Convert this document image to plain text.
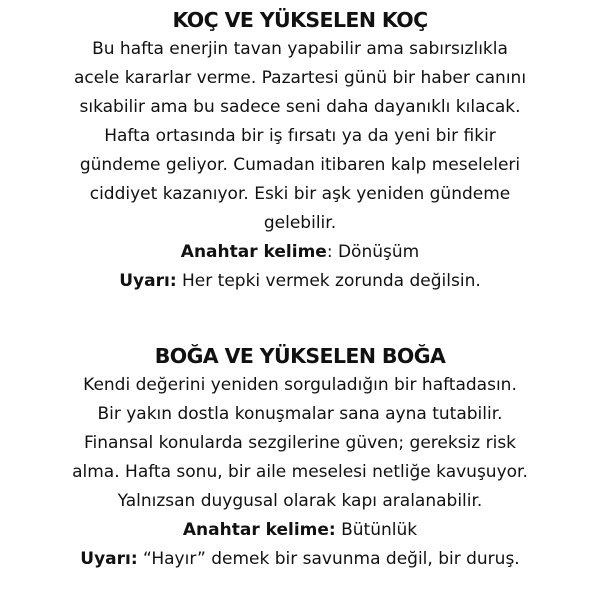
KOÇ VE YÜKSELEN KOÇ

Bu hafta enerjin tavan yapabilir ama sabırsızlıkla

acele kararlar verme. Pazartesi günü bir haber canını

sıkabilir ama bu sadece seni daha dayanıklı kılacak.

Hafta ortasında bir iş fırsatı ya da yeni bir fikir

gündeme geliyor. Cumadan itibaren kalp meseleleri

ciddiyet kazanıyor. Eski bir aşk yeniden gündeme

gelebilir.

Anahtar kelime: Dönüşüm

Uyarı: Her tepki vermek zorunda değilsin.

BOĞA VE YÜKSELEN BOĞA

Kendi değerini yeniden sorguladığın bir haftadasın.

Bir yakın dostla konuşmalar sana ayna tutabilir.

Finansal konularda sezgilerine güven; gereksiz risk

alma. Hafta sonu, bir aile meselesi netliğe kavuşuyor.

Yalnızsan duygusal olarak kapı aralanabilir.

Anahtar kelime: Bütünlük

Uyarı: “Hayır” demek bir savunma değil, bir duruş.
